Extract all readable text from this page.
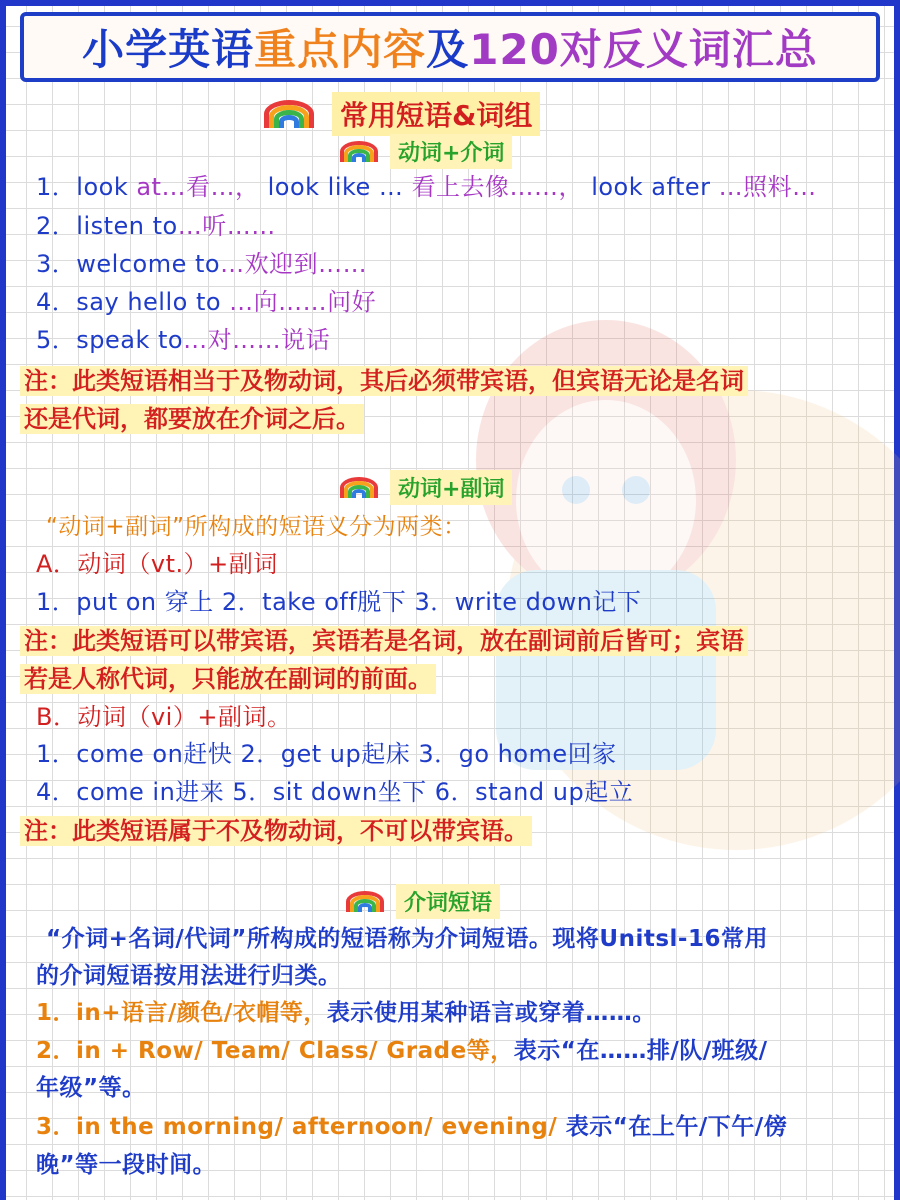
小学英语 重点内容 及 120对反义词汇总
常用短语&词组
动词+介词
1．look at…看…， look like … 看上去像……， look after …照料…
2．listen to…听……
3．welcome to…欢迎到……
4．say hello to …向……问好
5．speak to…对……说话
注：此类短语相当于及物动词，其后必须带宾语，但宾语无论是名词
还是代词，都要放在介词之后。
动词+副词
“动词+副词”所构成的短语义分为两类：
A．动词（vt.）+副词
1．put on 穿上 2．take off脱下 3．write down记下
注：此类短语可以带宾语，宾语若是名词，放在副词前后皆可；宾语
若是人称代词，只能放在副词的前面。
B．动词（vi）+副词。
1．come on赶快 2．get up起床 3．go home回家
4．come in进来 5．sit down坐下 6．stand up起立
注：此类短语属于不及物动词，不可以带宾语。
介词短语
“介词+名词/代词”所构成的短语称为介词短语。现将Unitsl-16常用
的介词短语按用法进行归类。
1．in+语言/颜色/衣帽等，表示使用某种语言或穿着……。
2．in + Row/ Team/ Class/ Grade等，表示“在……排/队/班级/
年级”等。
3．in the morning/ afternoon/ evening/ 表示“在上午/下午/傍
晚”等一段时间。
